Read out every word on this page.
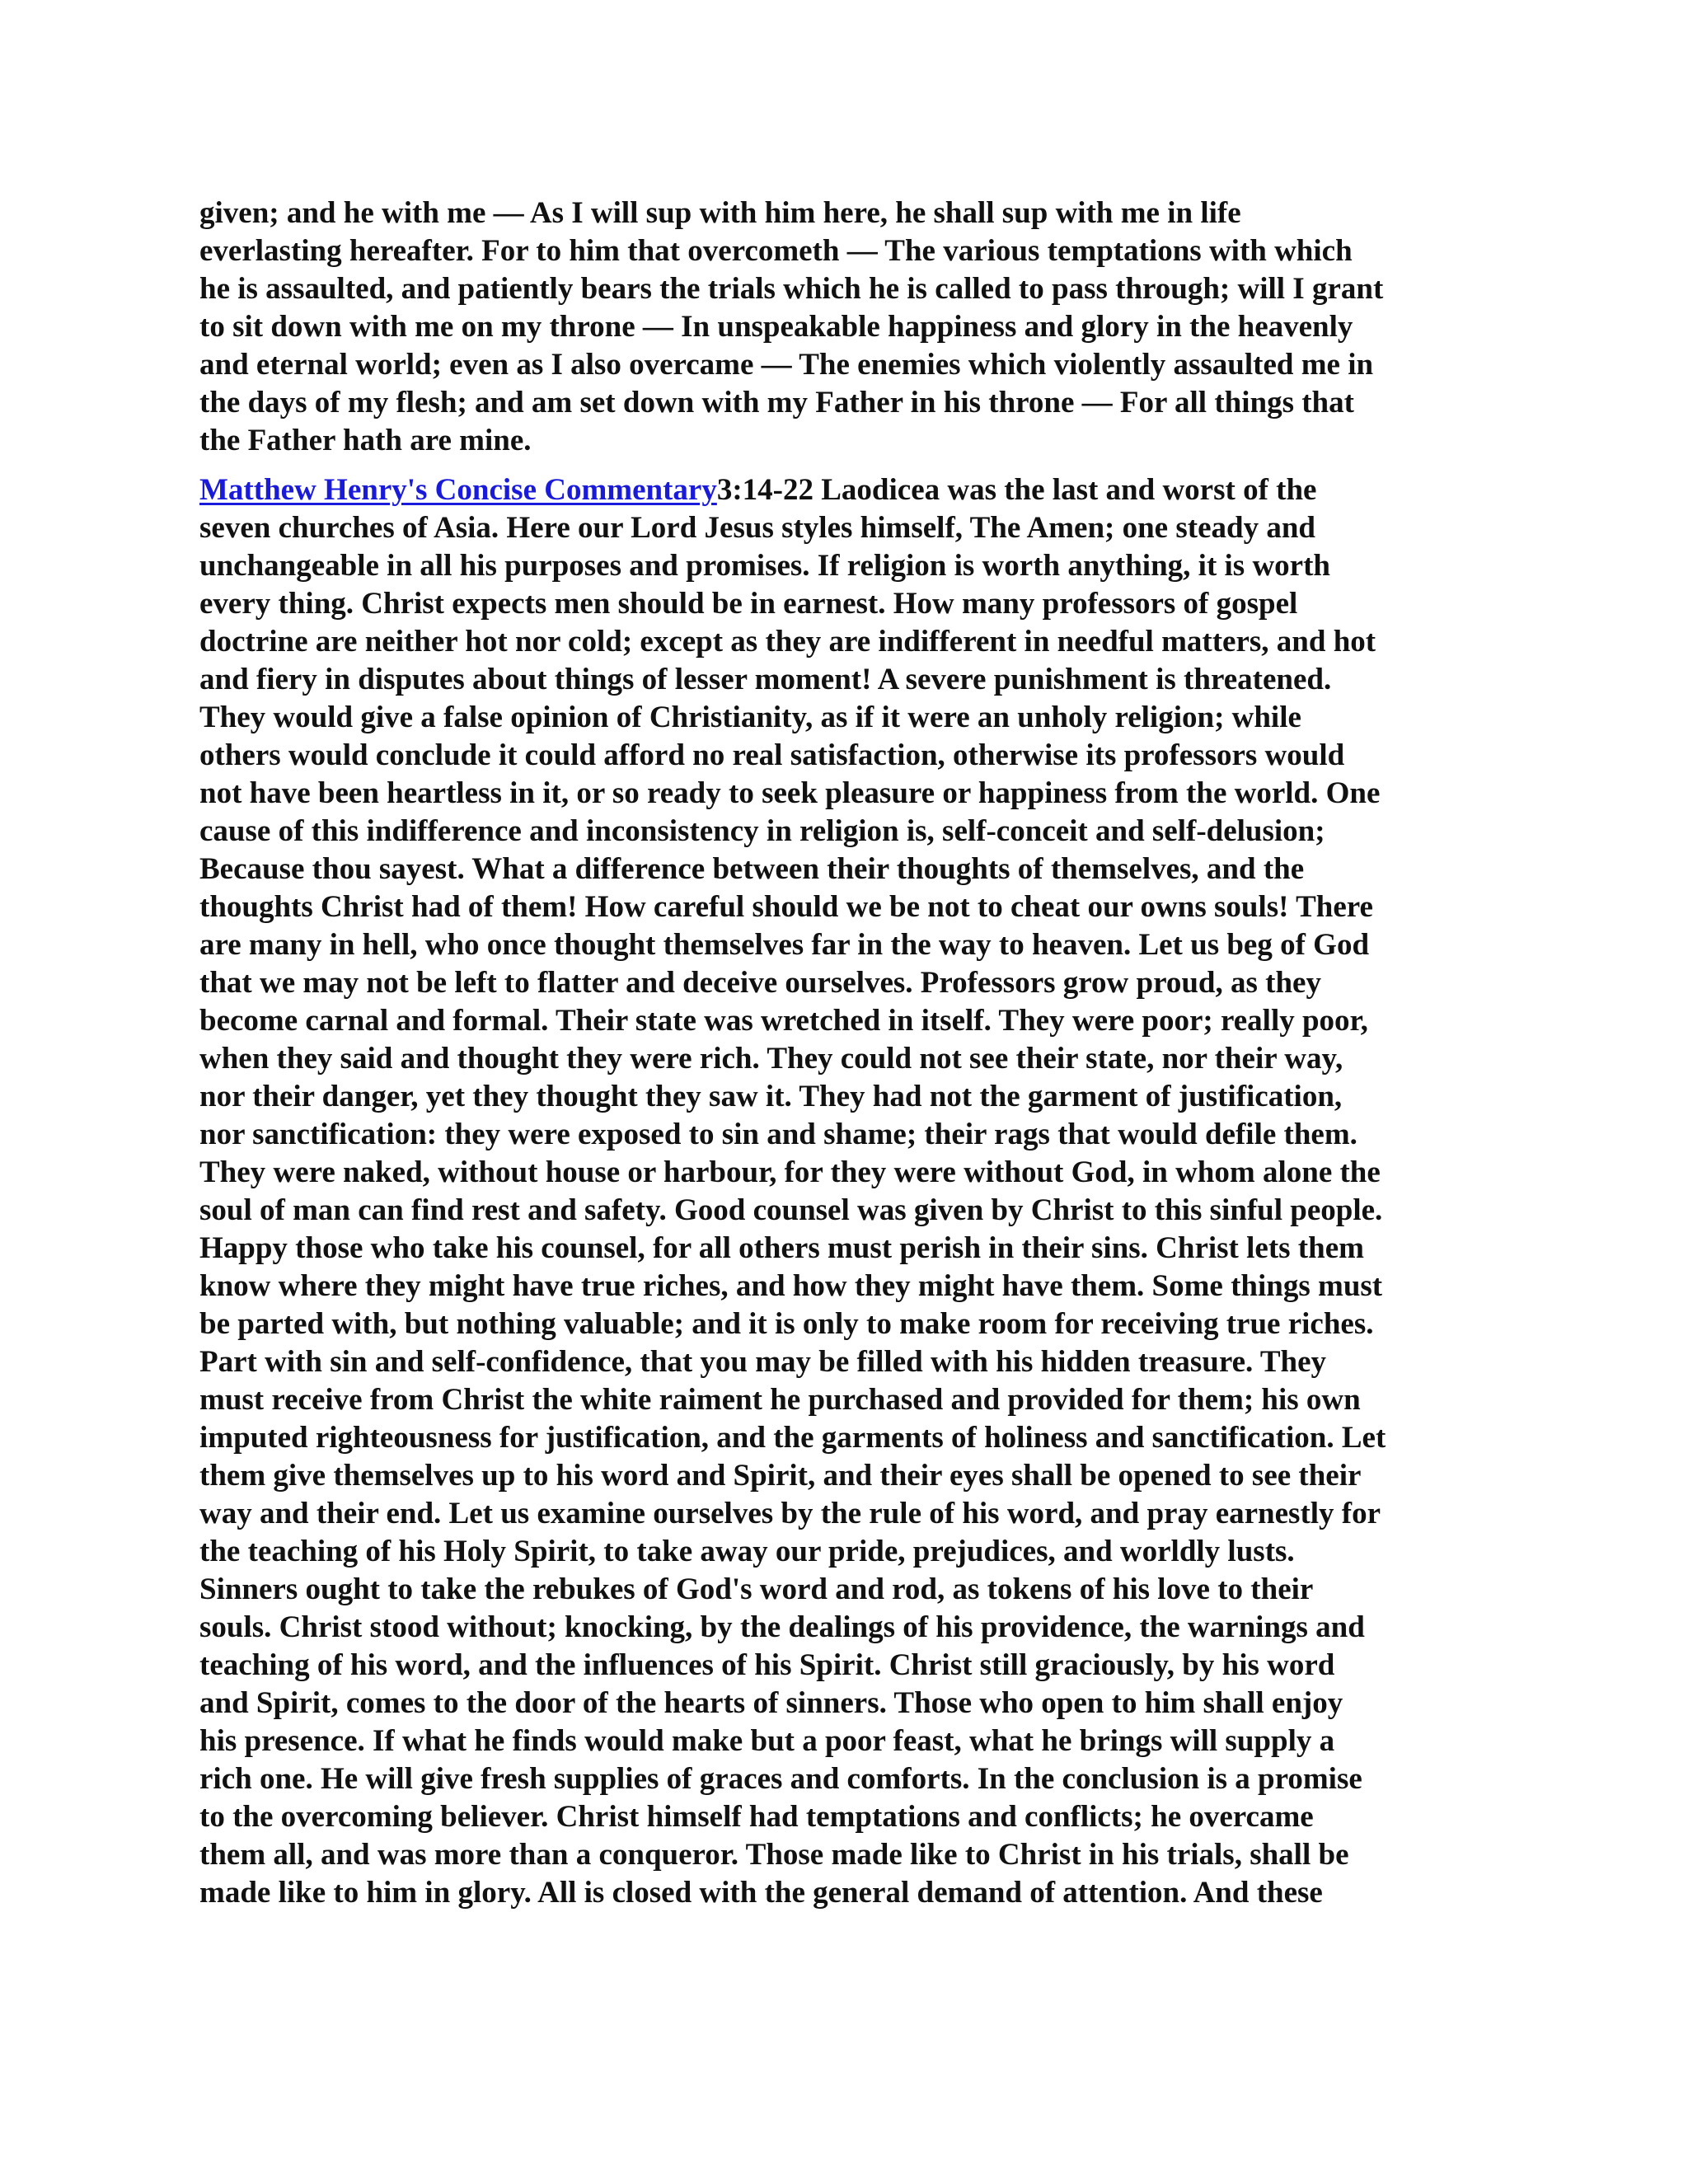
given; and he with me — As I will sup with him here, he shall sup with me in life
everlasting hereafter. For to him that overcometh — The various temptations with which
he is assaulted, and patiently bears the trials which he is called to pass through; will I grant
to sit down with me on my throne — In unspeakable happiness and glory in the heavenly
and eternal world; even as I also overcame — The enemies which violently assaulted me in
the days of my flesh; and am set down with my Father in his throne — For all things that
the Father hath are mine.
Matthew Henry's Concise Commentary3:14-22 Laodicea was the last and worst of the
seven churches of Asia. Here our Lord Jesus styles himself, The Amen; one steady and
unchangeable in all his purposes and promises. If religion is worth anything, it is worth
every thing. Christ expects men should be in earnest. How many professors of gospel
doctrine are neither hot nor cold; except as they are indifferent in needful matters, and hot
and fiery in disputes about things of lesser moment! A severe punishment is threatened.
They would give a false opinion of Christianity, as if it were an unholy religion; while
others would conclude it could afford no real satisfaction, otherwise its professors would
not have been heartless in it, or so ready to seek pleasure or happiness from the world. One
cause of this indifference and inconsistency in religion is, self-conceit and self-delusion;
Because thou sayest. What a difference between their thoughts of themselves, and the
thoughts Christ had of them! How careful should we be not to cheat our owns souls! There
are many in hell, who once thought themselves far in the way to heaven. Let us beg of God
that we may not be left to flatter and deceive ourselves. Professors grow proud, as they
become carnal and formal. Their state was wretched in itself. They were poor; really poor,
when they said and thought they were rich. They could not see their state, nor their way,
nor their danger, yet they thought they saw it. They had not the garment of justification,
nor sanctification: they were exposed to sin and shame; their rags that would defile them.
They were naked, without house or harbour, for they were without God, in whom alone the
soul of man can find rest and safety. Good counsel was given by Christ to this sinful people.
Happy those who take his counsel, for all others must perish in their sins. Christ lets them
know where they might have true riches, and how they might have them. Some things must
be parted with, but nothing valuable; and it is only to make room for receiving true riches.
Part with sin and self-confidence, that you may be filled with his hidden treasure. They
must receive from Christ the white raiment he purchased and provided for them; his own
imputed righteousness for justification, and the garments of holiness and sanctification. Let
them give themselves up to his word and Spirit, and their eyes shall be opened to see their
way and their end. Let us examine ourselves by the rule of his word, and pray earnestly for
the teaching of his Holy Spirit, to take away our pride, prejudices, and worldly lusts.
Sinners ought to take the rebukes of God's word and rod, as tokens of his love to their
souls. Christ stood without; knocking, by the dealings of his providence, the warnings and
teaching of his word, and the influences of his Spirit. Christ still graciously, by his word
and Spirit, comes to the door of the hearts of sinners. Those who open to him shall enjoy
his presence. If what he finds would make but a poor feast, what he brings will supply a
rich one. He will give fresh supplies of graces and comforts. In the conclusion is a promise
to the overcoming believer. Christ himself had temptations and conflicts; he overcame
them all, and was more than a conqueror. Those made like to Christ in his trials, shall be
made like to him in glory. All is closed with the general demand of attention. And these
